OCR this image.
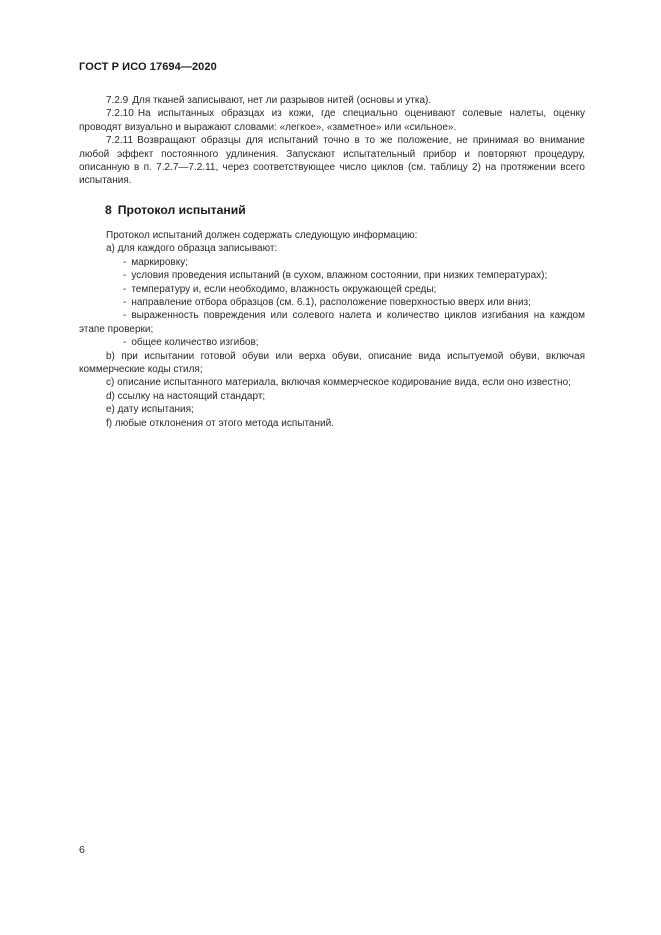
ГОСТ Р ИСО 17694—2020

7.2.9 Для тканей записывают, нет ли разрывов нитей (основы и утка).

7.2.10 На испытанных образцах из кожи, где специально оценивают солевые налеты, оценку проводят визуально и выражают словами: «легкое», «заметное» или «сильное».

7.2.11 Возвращают образцы для испытаний точно в то же положение, не принимая во внимание любой эффект постоянного удлинения. Запускают испытательный прибор и повторяют процедуру, описанную в п. 7.2.7—7.2.11, через соответствующее число циклов (см. таблицу 2) на протяжении всего испытания.

8 Протокол испытаний

Протокол испытаний должен содержать следующую информацию:

a) для каждого образца записывают:

- маркировку;

- условия проведения испытаний (в сухом, влажном состоянии, при низких температурах);

- температуру и, если необходимо, влажность окружающей среды;

- направление отбора образцов (см. 6.1), расположение поверхностью вверх или вниз;

- выраженность повреждения или солевого налета и количество циклов изгибания на каждом этапе проверки;

- общее количество изгибов;

b) при испытании готовой обуви или верха обуви, описание вида испытуемой обуви, включая коммерческие коды стиля;

c) описание испытанного материала, включая коммерческое кодирование вида, если оно известно;

d) ссылку на настоящий стандарт;

e) дату испытания;

f) любые отклонения от этого метода испытаний.

6
